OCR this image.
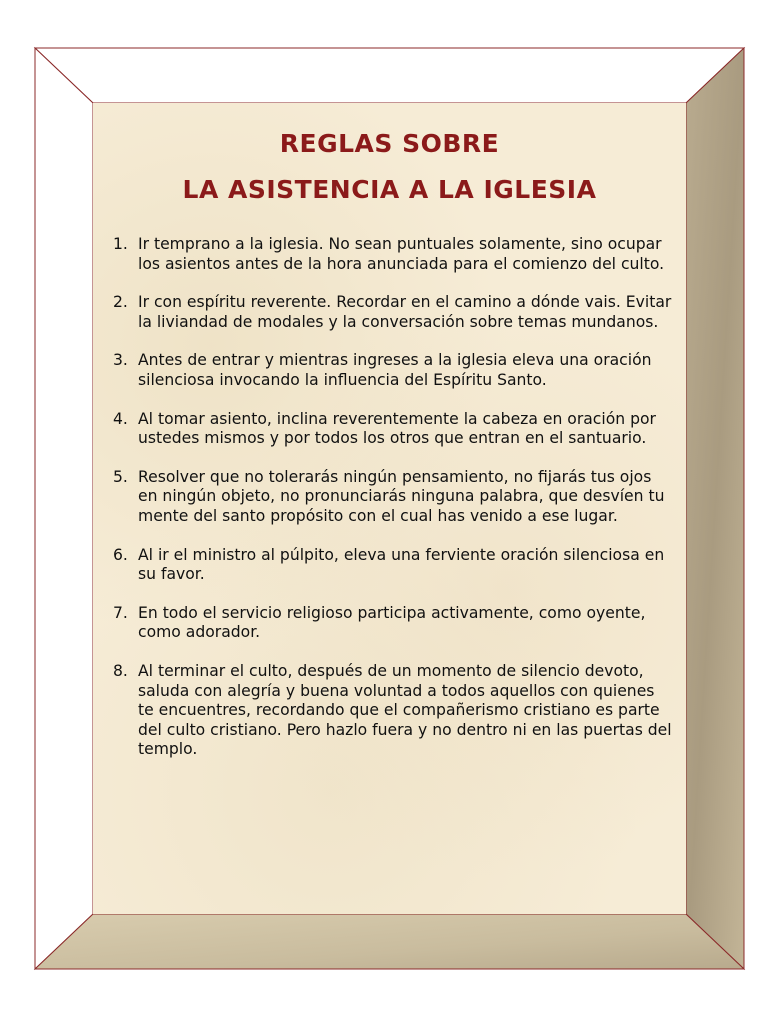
REGLAS SOBRE
LA ASISTENCIA A LA IGLESIA
1. Ir temprano a la iglesia. No sean puntuales solamente, sino ocupar los asientos antes de la hora anunciada para el comienzo del culto.
2. Ir con espíritu reverente. Recordar en el camino a dónde vais. Evitar la liviandad de modales y la conversación sobre temas mundanos.
3. Antes de entrar y mientras ingreses a la iglesia eleva una oración silenciosa invocando la influencia del Espíritu Santo.
4. Al tomar asiento, inclina reverentemente la cabeza en oración por ustedes mismos y por todos los otros que entran en el santuario.
5. Resolver que no tolerarás ningún pensamiento, no fijarás tus ojos en ningún objeto, no pronunciarás ninguna palabra, que desvíen tu mente del santo propósito con el cual has venido a ese lugar.
6. Al ir el ministro al púlpito, eleva una ferviente oración silenciosa en su favor.
7. En todo el servicio religioso participa activamente, como oyente, como adorador.
8. Al terminar el culto, después de un momento de silencio devoto, saluda con alegría y buena voluntad a todos aquellos con quienes te encuentres, recordando que el compañerismo cristiano es parte del culto cristiano. Pero hazlo fuera y no dentro ni en las puertas del templo.
